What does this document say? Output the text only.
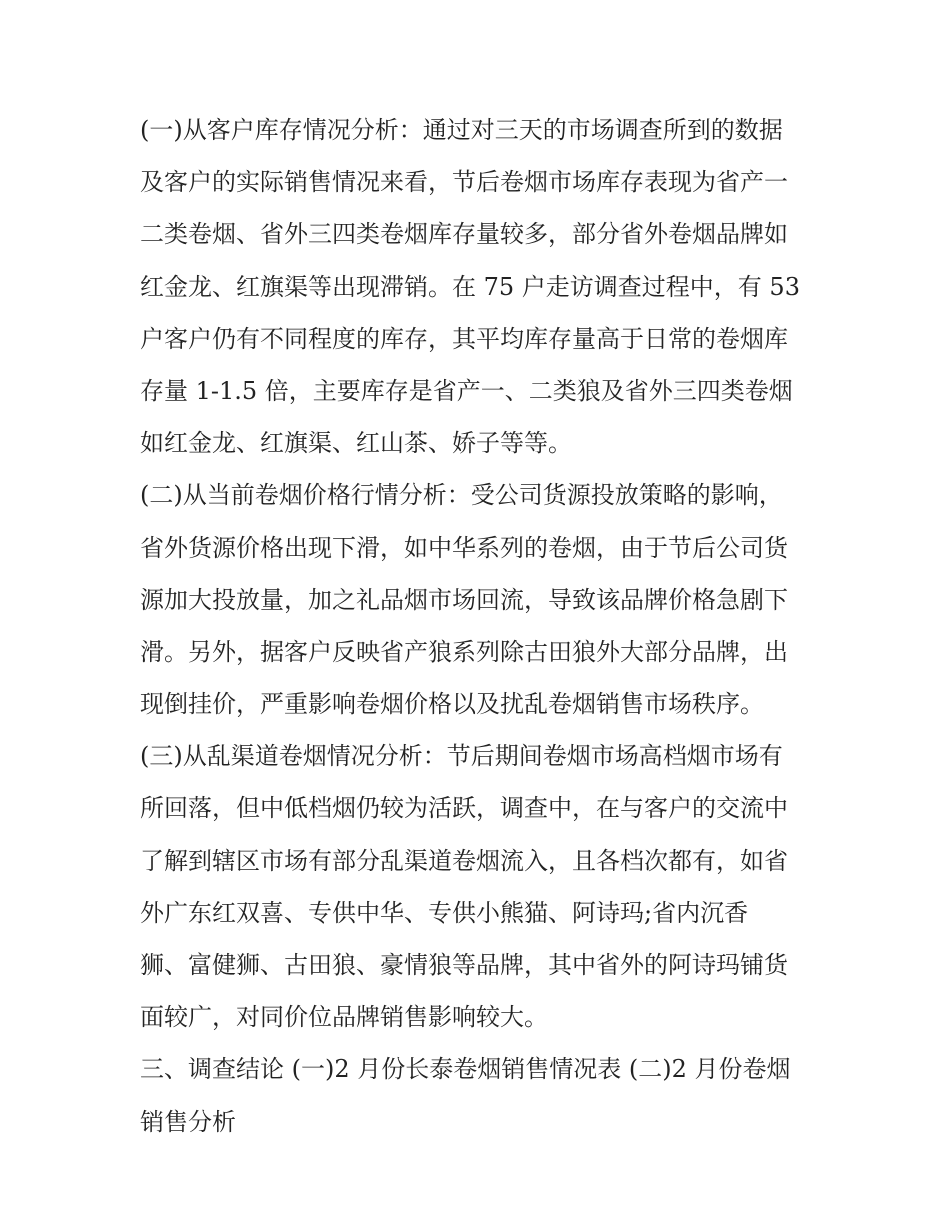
(一)从客户库存情况分析：通过对三天的市场调查所到的数据
及客户的实际销售情况来看，节后卷烟市场库存表现为省产一
二类卷烟、省外三四类卷烟库存量较多，部分省外卷烟品牌如
红金龙、红旗渠等出现滞销。在 75 户走访调查过程中，有 53
户客户仍有不同程度的库存，其平均库存量高于日常的卷烟库
存量 1-1.5 倍，主要库存是省产一、二类狼及省外三四类卷烟
如红金龙、红旗渠、红山茶、娇子等等。
(二)从当前卷烟价格行情分析：受公司货源投放策略的影响，
省外货源价格出现下滑，如中华系列的卷烟，由于节后公司货
源加大投放量，加之礼品烟市场回流，导致该品牌价格急剧下
滑。另外，据客户反映省产狼系列除古田狼外大部分品牌，出
现倒挂价，严重影响卷烟价格以及扰乱卷烟销售市场秩序。
(三)从乱渠道卷烟情况分析：节后期间卷烟市场高档烟市场有
所回落，但中低档烟仍较为活跃，调查中，在与客户的交流中
了解到辖区市场有部分乱渠道卷烟流入，且各档次都有，如省
外广东红双喜、专供中华、专供小熊猫、阿诗玛;省内沉香
狮、富健狮、古田狼、豪情狼等品牌，其中省外的阿诗玛铺货
面较广，对同价位品牌销售影响较大。
三、调查结论 (一)2 月份长泰卷烟销售情况表 (二)2 月份卷烟
销售分析
